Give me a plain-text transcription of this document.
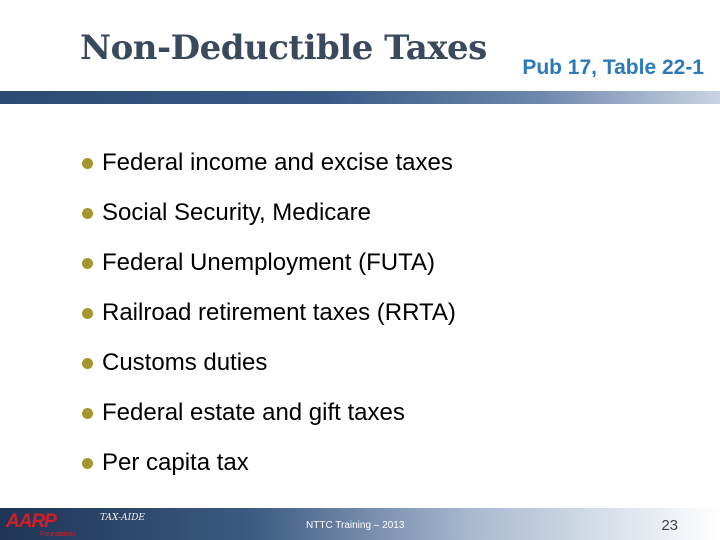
Non-Deductible Taxes Pub 17, Table 22-1
Federal income and excise taxes
Social Security, Medicare
Federal Unemployment (FUTA)
Railroad retirement taxes (RRTA)
Customs duties
Federal estate and gift taxes
Per capita tax
AARP
Foundation
TAX-AIDE
NTTC Training – 2013	23
